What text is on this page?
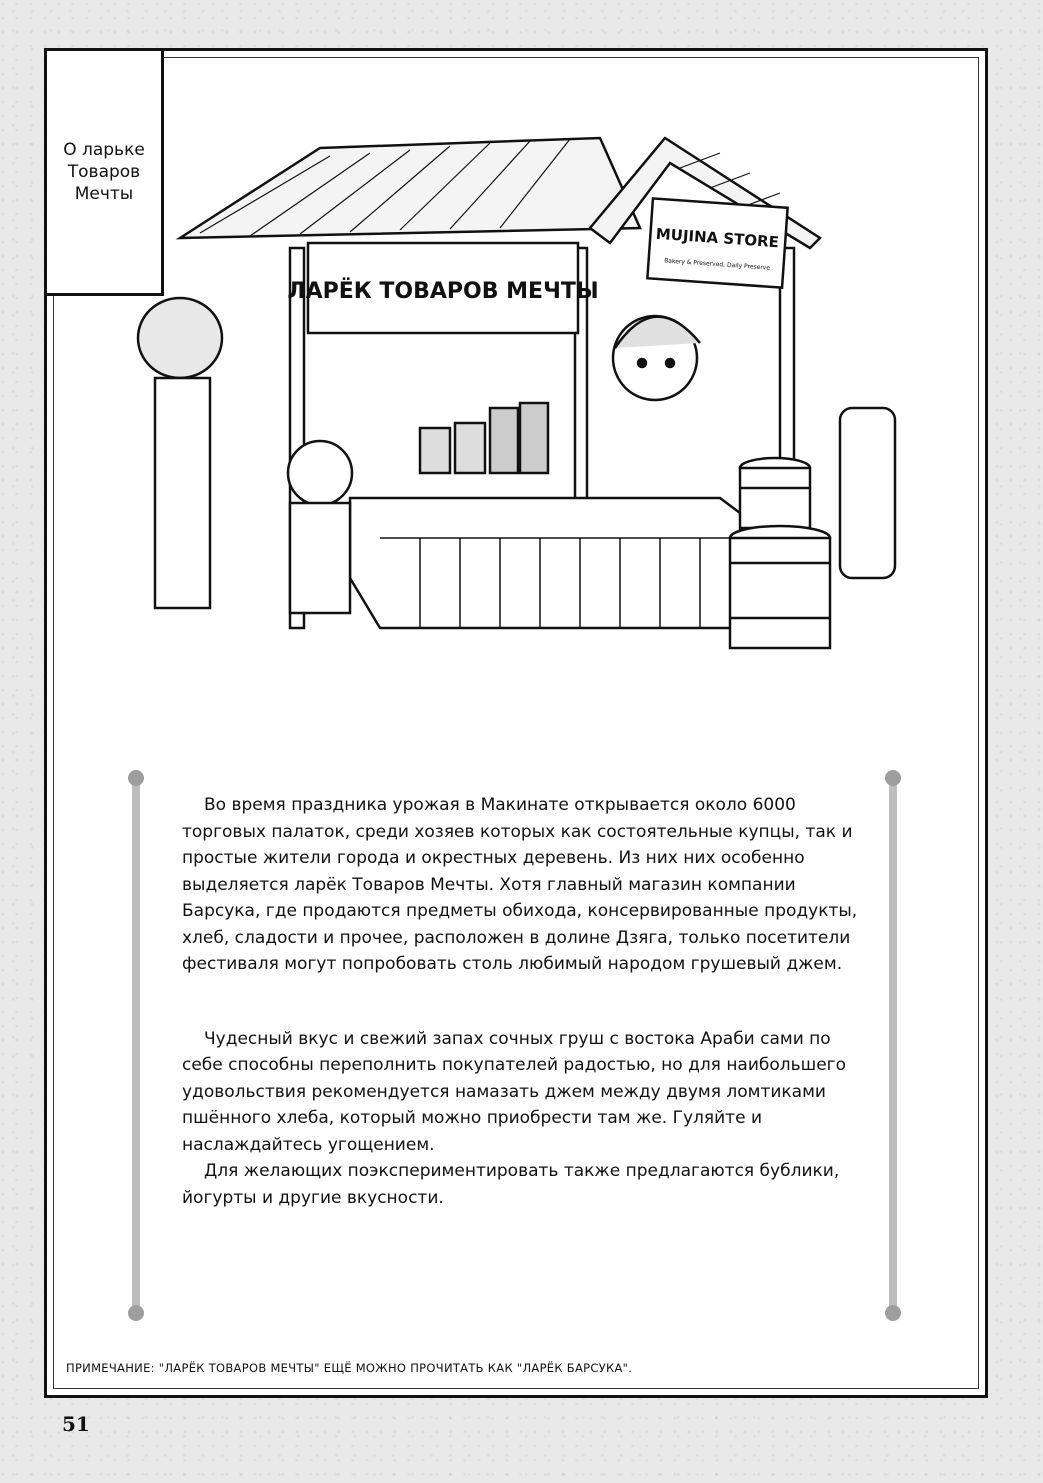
О ларьке
Товаров
Мечты
ЛАРЁК ТОВАРОВ МЕЧТЫ
MUJINA STORE
Bakery & Preserved, Daily Preserve

Во время праздника урожая в Макинате открывается около 6000 торговых палаток, среди хозяев которых как состоятельные купцы, так и простые жители города и окрестных деревень. Из них них особенно выделяется ларёк Товаров Мечты. Хотя главный магазин компании Барсука, где продаются предметы обихода, консервированные продукты, хлеб, сладости и прочее, расположен в долине Дзяга, только посетители фестиваля могут попробовать столь любимый народом грушевый джем.

Чудесный вкус и свежий запах сочных груш с востока Араби сами по себе способны переполнить покупателей радостью, но для наибольшего удовольствия рекомендуется намазать джем между двумя ломтиками пшённого хлеба, который можно приобрести там же. Гуляйте и наслаждайтесь угощением.

Для желающих поэкспериментировать также предлагаются бублики, йогурты и другие вкусности.

ПРИМЕЧАНИЕ: "ЛАРЁК ТОВАРОВ МЕЧТЫ" ЕЩЁ МОЖНО ПРОЧИТАТЬ КАК "ЛАРЁК БАРСУКА".
51
